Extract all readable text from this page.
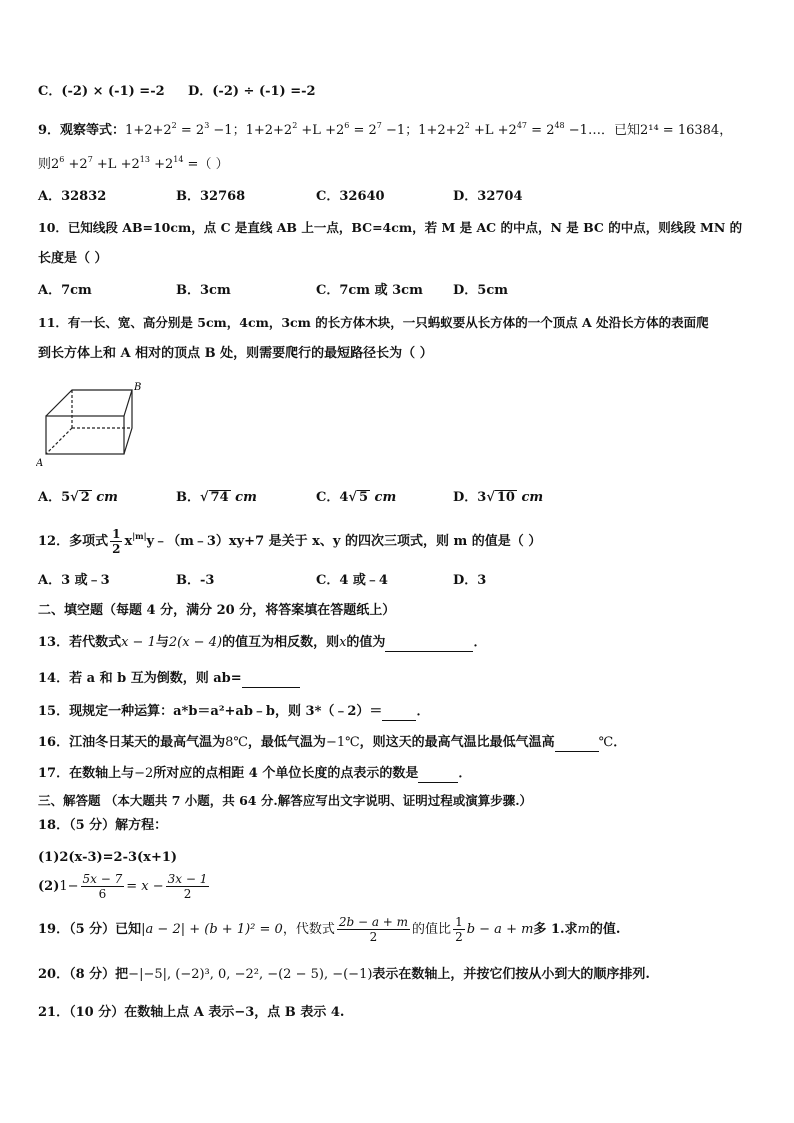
C．(-2) × (-1) =-2 D．(-2) ÷ (-1) =-2
9．观察等式：$1+2+2^2 = 2^3 -1$；$1+2+2^2 +L +2^6 = 2^7 -1$；$1+2+2^2 +L +2^{47} = 2^{48}$ −1…．已知2¹⁴ = 16384，
则$2^6 +2^7 +L +2^{13} +2^{14}$ =（ ）
A．32832	B．32768	C．32640	D．32704
10．已知线段 AB=10cm，点 C 是直线 AB 上一点，BC=4cm，若 M 是 AC 的中点，N 是 BC 的中点，则线段 MN 的
长度是（ ）
A．7cm	B．3cm	C．7cm 或 3cm D．5cm
11．有一长、宽、高分别是 5cm，4cm，3cm 的长方体木块，一只蚂蚁要从长方体的一个顶点 A 处沿长方体的表面爬
到长方体上和 A 相对的顶点 B 处，则需要爬行的最短路径长为（ ）
A
B
A．5√ 2 cm	B．√ 74 cm	C．4√ 5 cm	D．3√ 10 cm
12．多项式 $\frac{1}{2}$ $x^{|m|}y﹣(m﹣3)xy+7$ 是关于 x、y 的四次三项式，则 m 的值是（ ）
A．3 或﹣3	B．-3	C．4 或﹣4	D．3
二、填空题（每题 4 分，满分 20 分，将答案填在答题纸上）
13．若代数式x − 1与2(x − 4)的值互为相反数，则x的值为	．
14．若 a 和 b 互为倒数，则 ab=
15．现规定一种运算：a*b＝a²+ab﹣b，则 3*（﹣2）＝	．
16．江油冬日某天的最高气温为8℃，最低气温为−1℃，则这天的最高气温比最低气温高	℃．
17．在数轴上与−2所对应的点相距 4 个单位长度的点表示的数是	．
三、解答题 （本大题共 7 小题，共 64 分.解答应写出文字说明、证明过程或演算步骤.）
18．（5 分）解方程：
(1)2(x-3)=2-3(x+1)
$(2)1- \frac{5x - 7}{6} = x - \frac{3x - 1}{2}$
19．（5 分）已知|a − 2| + (b + 1)² = 0，代数式 $\frac{2b - a + m}{2}$ 的值比 $\frac{1}{2}$ b − a + m多 1.求m的值.
20．（8 分）把−|−5|, (−2)³, 0, −2², −(2 − 5), −(−1)表示在数轴上，并按它们按从小到大的顺序排列.
21．（10 分）在数轴上点 A 表示−3，点 B 表示 4.
